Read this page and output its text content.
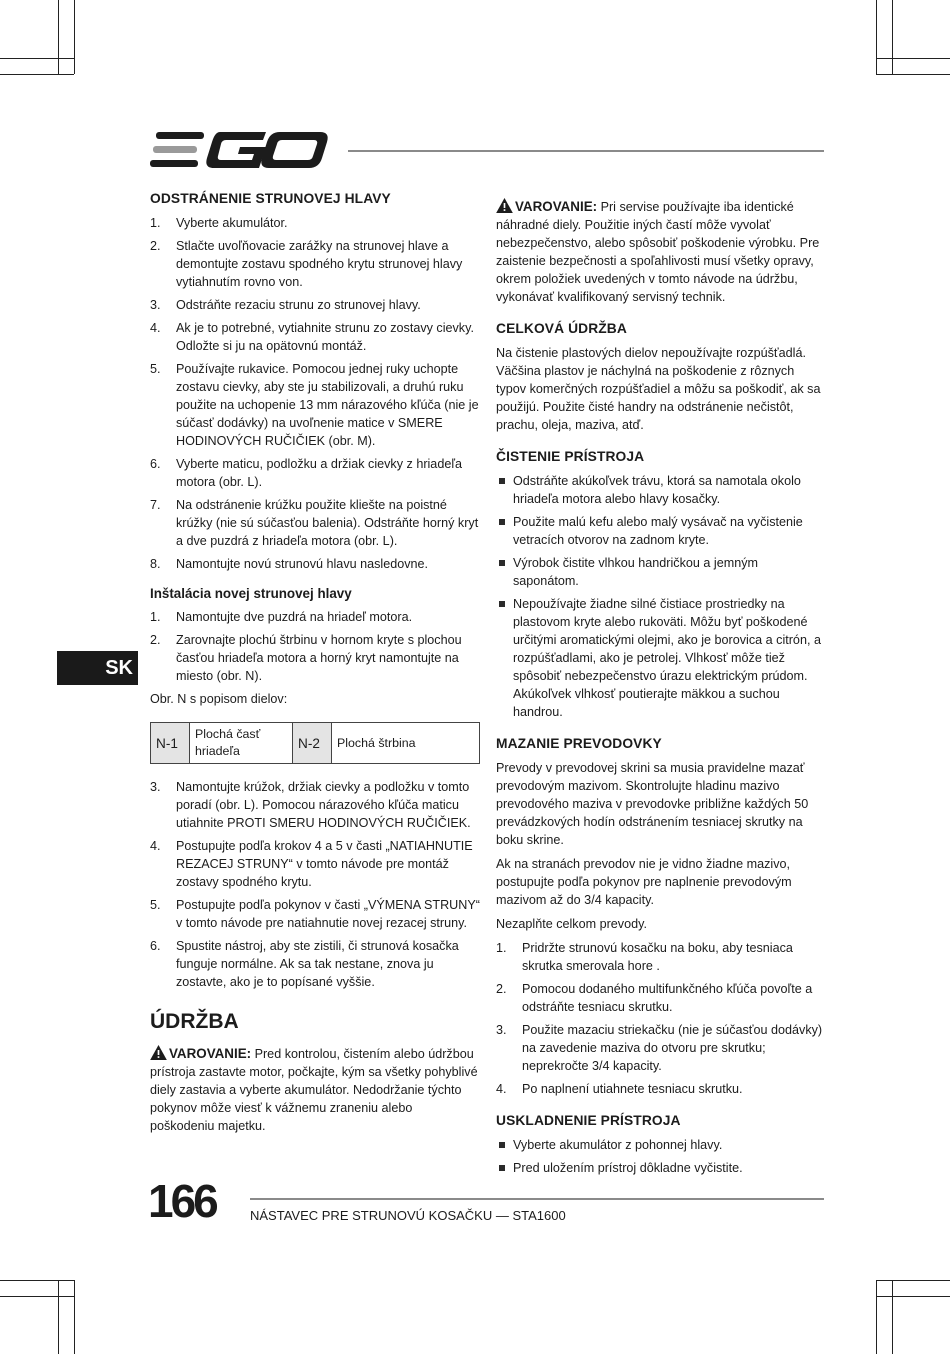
SK
ODSTRÁNENIE STRUNOVEJ HLAVY
1. Vyberte akumulátor.
2. Stlačte uvoľňovacie zarážky na strunovej hlave a demontujte zostavu spodného krytu strunovej hlavy vytiahnutím rovno von.
3. Odstráňte rezaciu strunu zo strunovej hlavy.
4. Ak je to potrebné, vytiahnite strunu zo zostavy cievky. Odložte si ju na opätovnú montáž.
5. Používajte rukavice. Pomocou jednej ruky uchopte zostavu cievky, aby ste ju stabilizovali, a druhú ruku použite na uchopenie 13 mm nárazového kľúča (nie je súčasť dodávky) na uvoľnenie matice v SMERE HODINOVÝCH RUČIČIEK (obr. M).
6. Vyberte maticu, podložku a držiak cievky z hriadeľa motora (obr. L).
7. Na odstránenie krúžku použite kliešte na poistné krúžky (nie sú súčasťou balenia). Odstráňte horný kryt a dve puzdrá z hriadeľa motora (obr. L).
8. Namontujte novú strunovú hlavu nasledovne.
Inštalácia novej strunovej hlavy
1. Namontujte dve puzdrá na hriadeľ motora.
2. Zarovnajte plochú štrbinu v hornom kryte s plochou časťou hriadeľa motora a horný kryt namontujte na miesto (obr. N).

Obr. N s popisom dielov:

N-1	Plochá časť hriadeľa	N-2	Plochá štrbina
3. Namontujte krúžok, držiak cievky a podložku v tomto poradí (obr. L). Pomocou nárazového kľúča maticu utiahnite PROTI SMERU HODINOVÝCH RUČIČIEK.
4. Postupujte podľa krokov 4 a 5 v časti „NATIAHNUTIE REZACEJ STRUNY“ v tomto návode pre montáž zostavy spodného krytu.
5. Postupujte podľa pokynov v časti „VÝMENA STRUNY“ v tomto návode pre natiahnutie novej rezacej struny.
6. Spustite nástroj, aby ste zistili, či strunová kosačka funguje normálne. Ak sa tak nestane, znova ju zostavte, ako je to popísané vyššie.
ÚDRŽBA

VAROVANIE: Pred kontrolou, čistením alebo údržbou prístroja zastavte motor, počkajte, kým sa všetky pohyblivé diely zastavia a vyberte akumulátor. Nedodržanie týchto pokynov môže viesť k vážnemu zraneniu alebo poškodeniu majetku.

VAROVANIE: Pri servise používajte iba identické náhradné diely. Použitie iných častí môže vyvolať nebezpečenstvo, alebo spôsobiť poškodenie výrobku. Pre zaistenie bezpečnosti a spoľahlivosti musí všetky opravy, okrem položiek uvedených v tomto návode na údržbu, vykonávať kvalifikovaný servisný technik.

CELKOVÁ ÚDRŽBA

Na čistenie plastových dielov nepoužívajte rozpúšťadlá. Väčšina plastov je náchylná na poškodenie z rôznych typov komerčných rozpúšťadiel a môžu sa poškodiť, ak sa použijú. Použite čisté handry na odstránenie nečistôt, prachu, oleja, maziva, atď.

ČISTENIE PRÍSTROJA
Odstráňte akúkoľvek trávu, ktorá sa namotala okolo hriadeľa motora alebo hlavy kosačky.
Použite malú kefu alebo malý vysávač na vyčistenie vetracích otvorov na zadnom kryte.
Výrobok čistite vlhkou handričkou a jemným saponátom.
Nepoužívajte žiadne silné čistiace prostriedky na plastovom kryte alebo rukoväti. Môžu byť poškodené určitými aromatickými olejmi, ako je borovica a citrón, a rozpúšťadlami, ako je petrolej. Vlhkosť môže tiež spôsobiť nebezpečenstvo úrazu elektrickým prúdom. Akúkoľvek vlhkosť poutierajte mäkkou a suchou handrou.
MAZANIE PREVODOVKY

Prevody v prevodovej skrini sa musia pravidelne mazať prevodovým mazivom. Skontrolujte hladinu mazivo prevodového maziva v prevodovke približne každých 50 prevádzkových hodín odstránením tesniacej skrutky na boku skrine.

Ak na stranách prevodov nie je vidno žiadne mazivo, postupujte podľa pokynov pre naplnenie prevodovým mazivom až do 3/4 kapacity.

Nezaplňte celkom prevody.

1. Pridržte strunovú kosačku na boku, aby tesniaca skrutka smerovala hore .
2. Pomocou dodaného multifunkčného kľúča povoľte a odstráňte tesniacu skrutku.
3. Použite mazaciu striekačku (nie je súčasťou dodávky) na zavedenie maziva do otvoru pre skrutku; neprekročte 3/4 kapacity.
4. Po naplnení utiahnete tesniacu skrutku.
USKLADNENIE PRÍSTROJA
Vyberte akumulátor z pohonnej hlavy.
Pred uložením prístroj dôkladne vyčistite.
166	NÁSTAVEC PRE STRUNOVÚ KOSAČKU — STA1600
